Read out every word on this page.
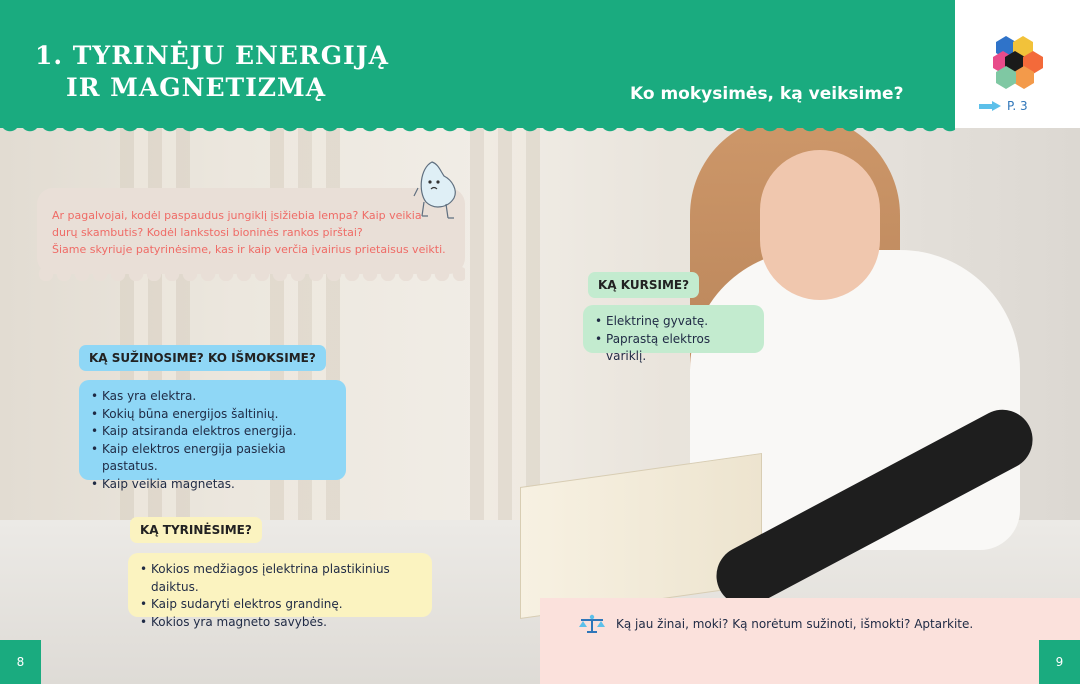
1. TYRINĖJU ENERGIJĄ
IR MAGNETIZMĄ	Ko mokysimės, ką veiksime?
P. 3

Ar pagalvojai, kodėl paspaudus jungiklį įsižiebia lempa? Kaip veikia

durų skambutis? Kodėl lankstosi bioninės rankos pirštai?

Šiame skyriuje patyrinėsime, kas ir kaip verčia įvairius prietaisus veikti.

KĄ KURSIME?
• Elektrinę gyvatę.
• Paprastą elektros variklį.
KĄ SUŽINOSIME? KO IŠMOKSIME?
• Kas yra elektra.
• Kokių būna energijos šaltinių.
• Kaip atsiranda elektros energija.
• Kaip elektros energija pasiekia pastatus.
• Kaip veikia magnetas.
KĄ TYRINĖSIME?
• Kokios medžiagos įelektrina plastikinius daiktus.
• Kaip sudaryti elektros grandinę.
• Kokios yra magneto savybės.	Ką jau žinai, moki? Ką norėtum sužinoti, išmokti? Aptarkite.
8	9
